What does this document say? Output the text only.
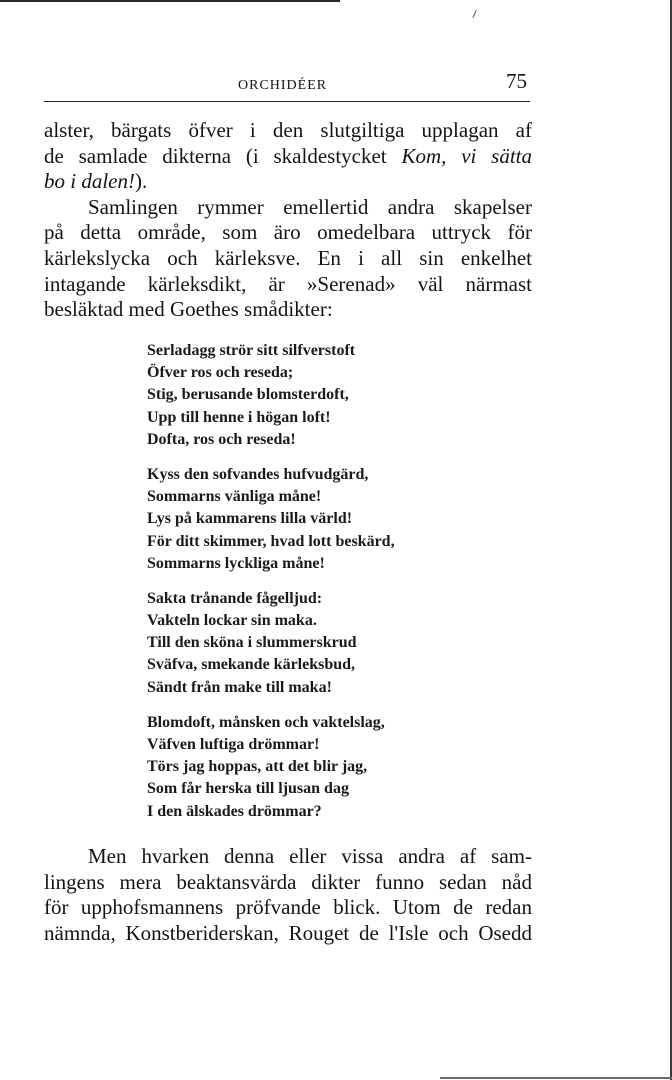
ORCHIDÉER	75
alster, bärgats öfver i den slutgiltiga upplagan af
de samlade dikterna (i skaldestycket Kom, vi sätta
bo i dalen!).
Samlingen rymmer emellertid andra skapelser
på detta område, som äro omedelbara uttryck för
kärlekslycka och kärleksve. En i all sin enkelhet
intagande kärleksdikt, är »Serenad» väl närmast
besläktad med Goethes smådikter:
Serladagg strör sitt silfverstoft
Öfver ros och reseda;
Stig, berusande blomsterdoft,
Upp till henne i högan loft!
Dofta, ros och reseda!
Kyss den sofvandes hufvudgärd,
Sommarns vänliga måne!
Lys på kammarens lilla värld!
För ditt skimmer, hvad lott beskärd,
Sommarns lyckliga måne!
Sakta trånande fågelljud:
Vakteln lockar sin maka.
Till den sköna i slummerskrud
Sväfva, smekande kärleksbud,
Sändt från make till maka!
Blomdoft, månsken och vaktelslag,
Väfven luftiga drömmar!
Törs jag hoppas, att det blir jag,
Som får herska till ljusan dag
I den älskades drömmar?
Men hvarken denna eller vissa andra af sam-
lingens mera beaktansvärda dikter funno sedan nåd
för upphofsmannens pröfvande blick. Utom de redan
nämnda, Konstberiderskan, Rouget de l'Isle och Osedd
